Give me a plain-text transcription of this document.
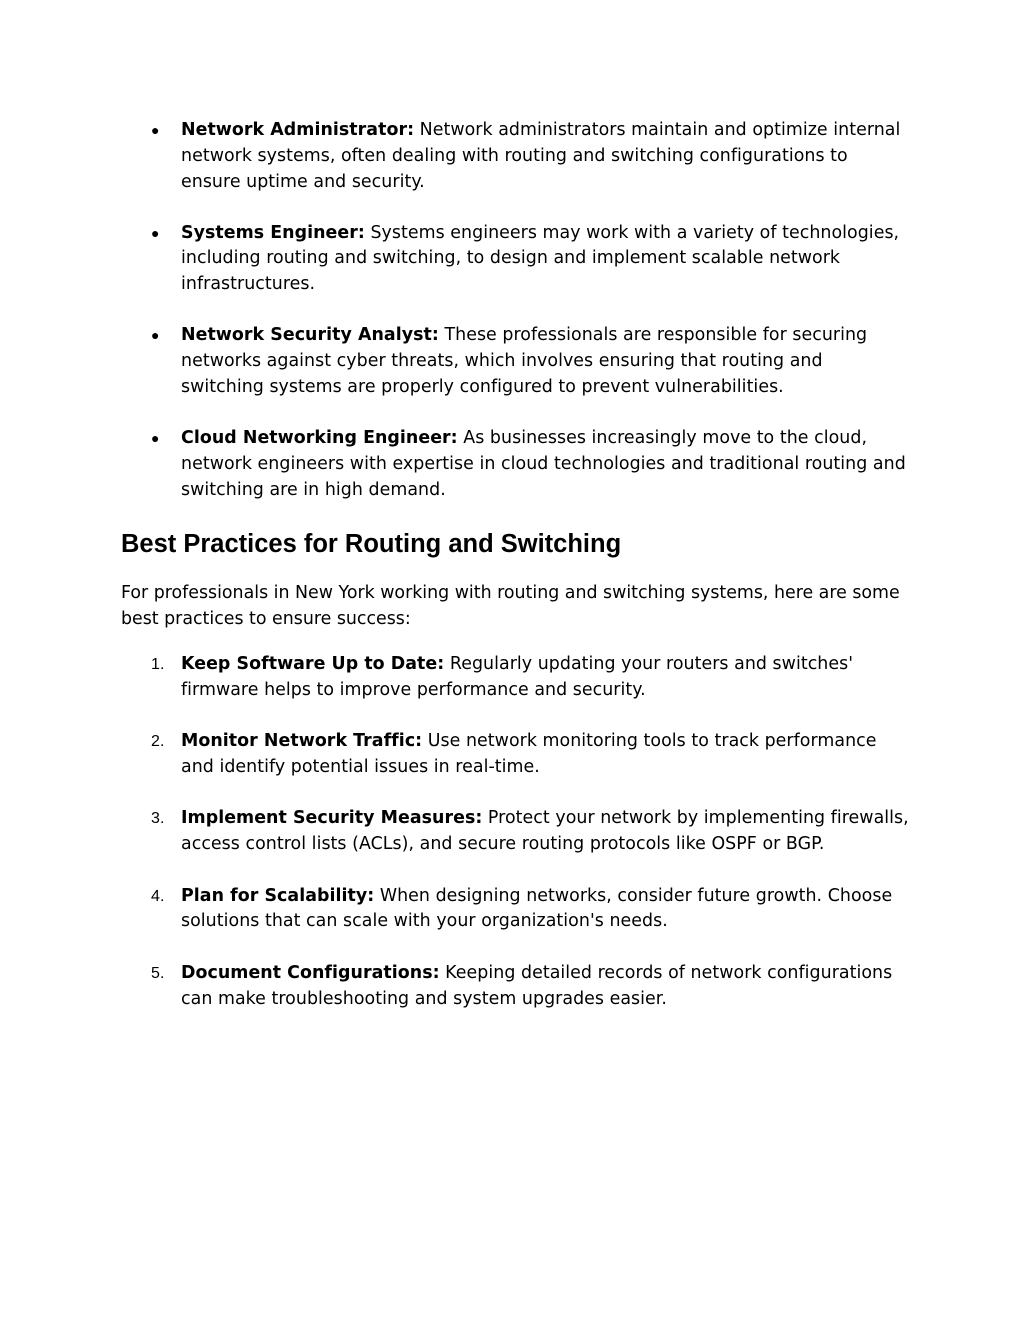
● Network Administrator: Network administrators maintain and optimize internal network systems, often dealing with routing and switching configurations to ensure uptime and security.
● Systems Engineer: Systems engineers may work with a variety of technologies, including routing and switching, to design and implement scalable network infrastructures.
● Network Security Analyst: These professionals are responsible for securing networks against cyber threats, which involves ensuring that routing and switching systems are properly configured to prevent vulnerabilities.
● Cloud Networking Engineer: As businesses increasingly move to the cloud, network engineers with expertise in cloud technologies and traditional routing and switching are in high demand.
Best Practices for Routing and Switching

For professionals in New York working with routing and switching systems, here are some best practices to ensure success:

1. Keep Software Up to Date: Regularly updating your routers and switches' firmware helps to improve performance and security.
2. Monitor Network Traffic: Use network monitoring tools to track performance and identify potential issues in real-time.
3. Implement Security Measures: Protect your network by implementing firewalls, access control lists (ACLs), and secure routing protocols like OSPF or BGP.
4. Plan for Scalability: When designing networks, consider future growth. Choose solutions that can scale with your organization's needs.
5. Document Configurations: Keeping detailed records of network configurations can make troubleshooting and system upgrades easier.
